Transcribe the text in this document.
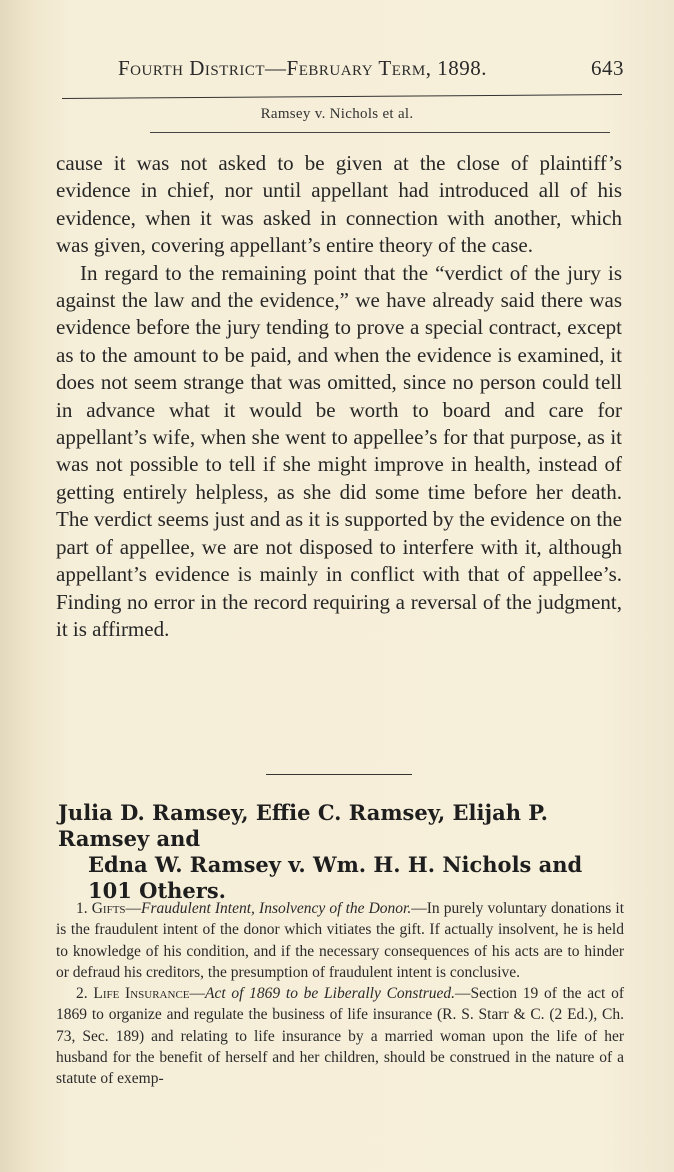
Fourth District—February Term, 1898.	643
Ramsey v. Nichols et al.

cause it was not asked to be given at the close of plaintiff’s evidence in chief, nor until appellant had introduced all of his evidence, when it was asked in connection with another, which was given, covering appellant’s entire theory of the case.

In regard to the remaining point that the “verdict of the jury is against the law and the evidence,” we have already said there was evidence before the jury tending to prove a special contract, except as to the amount to be paid, and when the evidence is examined, it does not seem strange that was omitted, since no person could tell in advance what it would be worth to board and care for appellant’s wife, when she went to appellee’s for that purpose, as it was not possible to tell if she might improve in health, instead of getting entirely helpless, as she did some time before her death. The verdict seems just and as it is supported by the evidence on the part of appellee, we are not disposed to interfere with it, although appellant’s evidence is mainly in conflict with that of appellee’s. Finding no error in the record requiring a reversal of the judgment, it is affirmed.

Julia D. Ramsey, Effie C. Ramsey, Elijah P. Ramsey and
Edna W. Ramsey v. Wm. H. H. Nichols and 101 Others.

1. Gifts—Fraudulent Intent, Insolvency of the Donor.—In purely voluntary donations it is the fraudulent intent of the donor which vitiates the gift. If actually insolvent, he is held to knowledge of his condition, and if the necessary consequences of his acts are to hinder or defraud his creditors, the presumption of fraudulent intent is conclusive.

2. Life Insurance—Act of 1869 to be Liberally Construed.—Section 19 of the act of 1869 to organize and regulate the business of life insurance (R. S. Starr & C. (2 Ed.), Ch. 73, Sec. 189) and relating to life insurance by a married woman upon the life of her husband for the benefit of herself and her children, should be construed in the nature of a statute of exemp-
